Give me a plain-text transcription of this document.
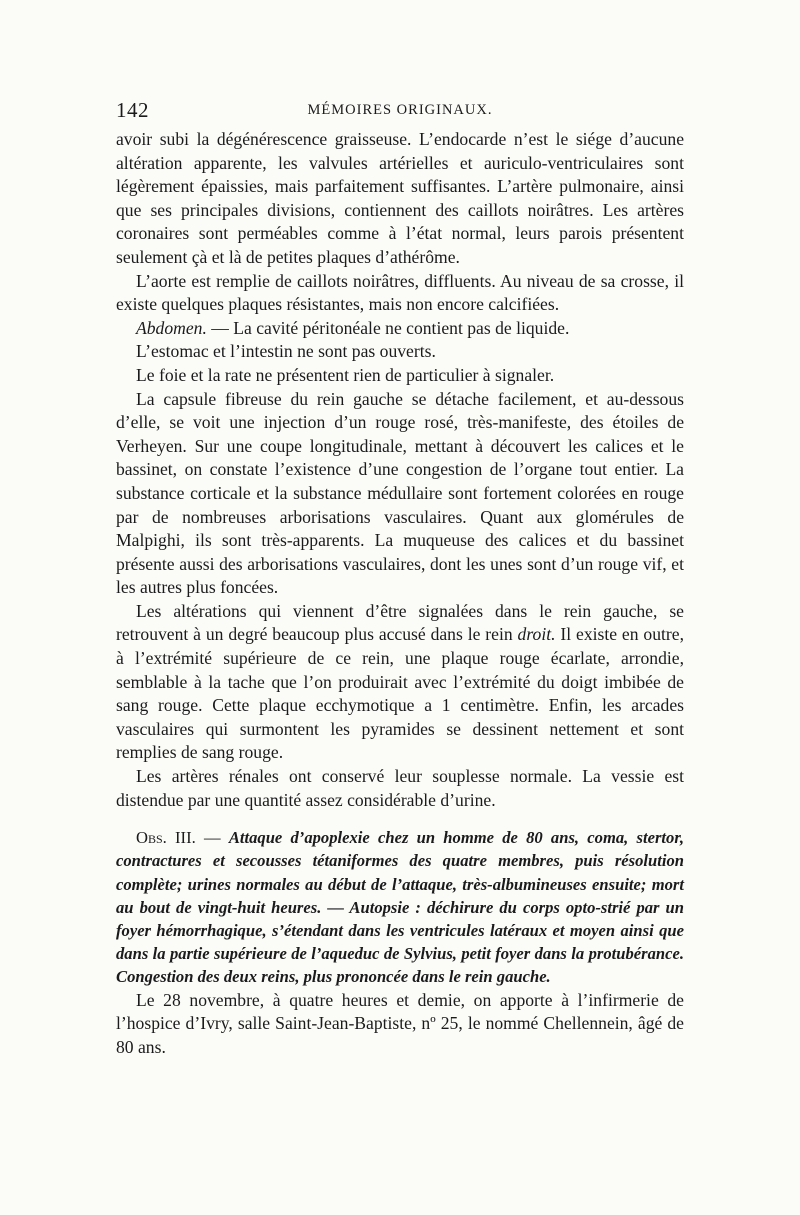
142	MÉMOIRES ORIGINAUX.

avoir subi la dégénérescence graisseuse. L’endocarde n’est le siége d’aucune altération apparente, les valvules artérielles et auriculo-ventriculaires sont légèrement épaissies, mais parfaitement suffisantes. L’artère pulmonaire, ainsi que ses principales divisions, contiennent des caillots noirâtres. Les artères coronaires sont perméables comme à l’état normal, leurs parois présentent seulement çà et là de petites plaques d’athérôme.

L’aorte est remplie de caillots noirâtres, diffluents. Au niveau de sa crosse, il existe quelques plaques résistantes, mais non encore calcifiées.

Abdomen. — La cavité péritonéale ne contient pas de liquide.

L’estomac et l’intestin ne sont pas ouverts.

Le foie et la rate ne présentent rien de particulier à signaler.

La capsule fibreuse du rein gauche se détache facilement, et au-dessous d’elle, se voit une injection d’un rouge rosé, très-manifeste, des étoiles de Verheyen. Sur une coupe longitudinale, mettant à découvert les calices et le bassinet, on constate l’existence d’une congestion de l’organe tout entier. La substance corticale et la substance médullaire sont fortement colorées en rouge par de nombreuses arborisations vasculaires. Quant aux glomérules de Malpighi, ils sont très-apparents. La muqueuse des calices et du bassinet présente aussi des arborisations vasculaires, dont les unes sont d’un rouge vif, et les autres plus foncées.

Les altérations qui viennent d’être signalées dans le rein gauche, se retrouvent à un degré beaucoup plus accusé dans le rein droit. Il existe en outre, à l’extrémité supérieure de ce rein, une plaque rouge écarlate, arrondie, semblable à la tache que l’on produirait avec l’extrémité du doigt imbibée de sang rouge. Cette plaque ecchymotique a 1 centimètre. Enfin, les arcades vasculaires qui surmontent les pyramides se dessinent nettement et sont remplies de sang rouge.

Les artères rénales ont conservé leur souplesse normale. La vessie est distendue par une quantité assez considérable d’urine.

Obs. III. — Attaque d’apoplexie chez un homme de 80 ans, coma, stertor, contractures et secousses tétaniformes des quatre membres, puis résolution complète; urines normales au début de l’attaque, très-albumineuses ensuite; mort au bout de vingt-huit heures. — Autopsie : déchirure du corps opto-strié par un foyer hémorrhagique, s’étendant dans les ventricules latéraux et moyen ainsi que dans la partie supérieure de l’aqueduc de Sylvius, petit foyer dans la protubérance. Congestion des deux reins, plus prononcée dans le rein gauche.

Le 28 novembre, à quatre heures et demie, on apporte à l’infirmerie de l’hospice d’Ivry, salle Saint-Jean-Baptiste, nº 25, le nommé Chellennein, âgé de 80 ans.
